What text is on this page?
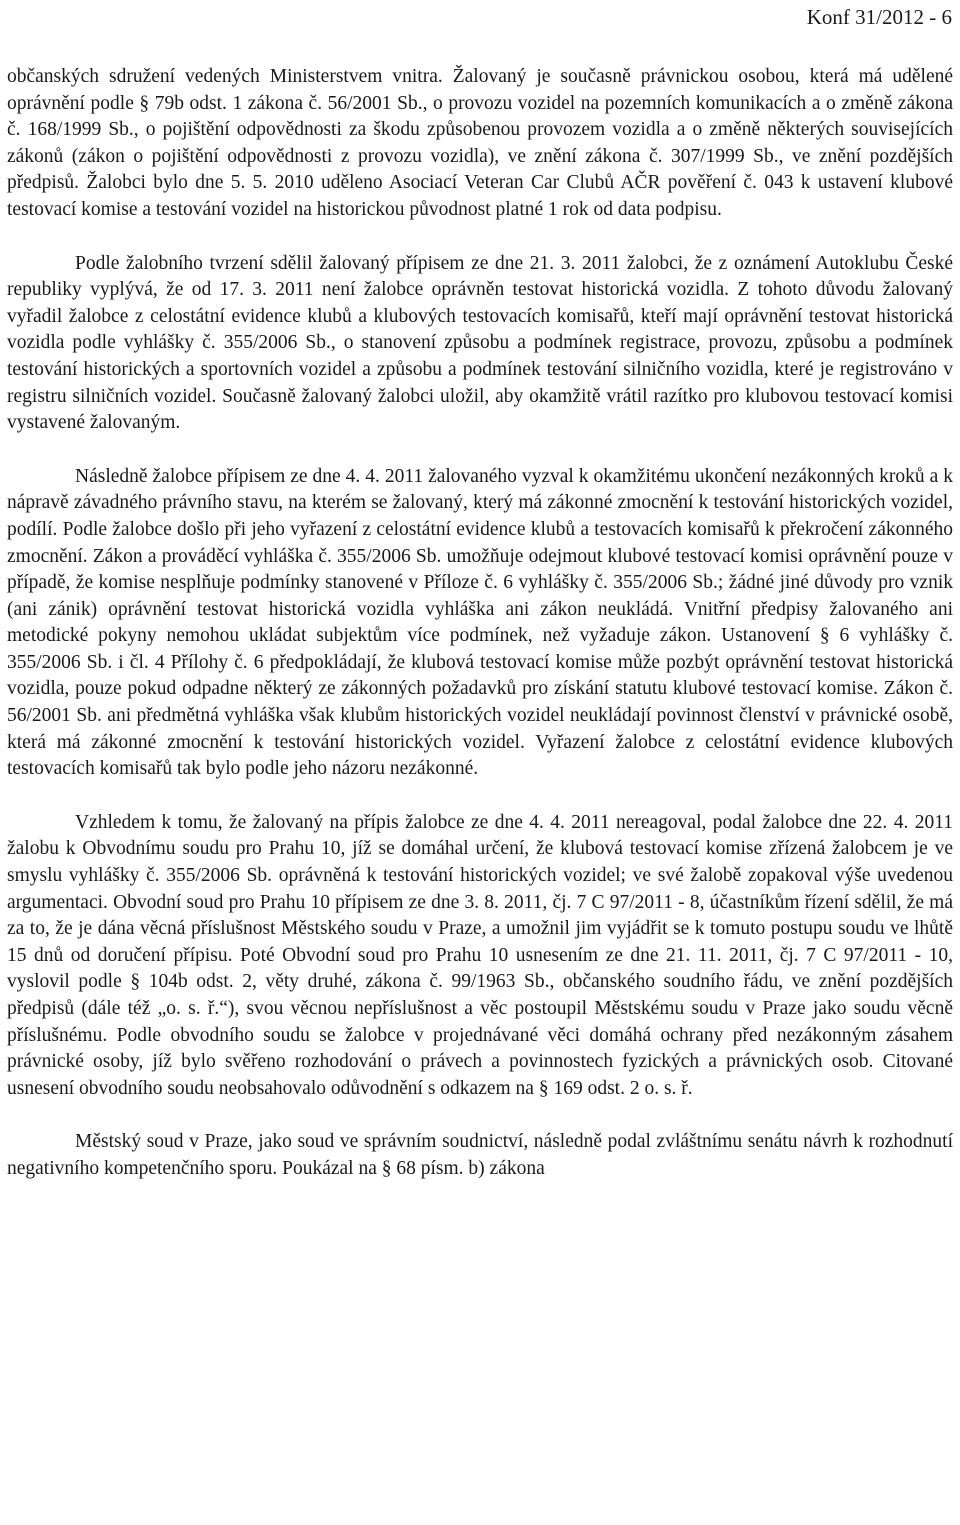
Konf 31/2012 - 6

občanských sdružení vedených Ministerstvem vnitra. Žalovaný je současně právnickou osobou, která má udělené oprávnění podle § 79b odst. 1 zákona č. 56/2001 Sb., o provozu vozidel na pozemních komunikacích a o změně zákona č. 168/1999 Sb., o pojištění odpovědnosti za škodu způsobenou provozem vozidla a o změně některých souvisejících zákonů (zákon o pojištění odpovědnosti z provozu vozidla), ve znění zákona č. 307/1999 Sb., ve znění pozdějších předpisů. Žalobci bylo dne 5. 5. 2010 uděleno Asociací Veteran Car Clubů AČR pověření č. 043 k ustavení klubové testovací komise a testování vozidel na historickou původnost platné 1 rok od data podpisu.

Podle žalobního tvrzení sdělil žalovaný přípisem ze dne 21. 3. 2011 žalobci, že z oznámení Autoklubu České republiky vyplývá, že od 17. 3. 2011 není žalobce oprávněn testovat historická vozidla. Z tohoto důvodu žalovaný vyřadil žalobce z celostátní evidence klubů a klubových testovacích komisařů, kteří mají oprávnění testovat historická vozidla podle vyhlášky č. 355/2006 Sb., o stanovení způsobu a podmínek registrace, provozu, způsobu a podmínek testování historických a sportovních vozidel a způsobu a podmínek testování silničního vozidla, které je registrováno v registru silničních vozidel. Současně žalovaný žalobci uložil, aby okamžitě vrátil razítko pro klubovou testovací komisi vystavené žalovaným.

Následně žalobce přípisem ze dne 4. 4. 2011 žalovaného vyzval k okamžitému ukončení nezákonných kroků a k nápravě závadného právního stavu, na kterém se žalovaný, který má zákonné zmocnění k testování historických vozidel, podílí. Podle žalobce došlo při jeho vyřazení z celostátní evidence klubů a testovacích komisařů k překročení zákonného zmocnění. Zákon a prováděcí vyhláška č. 355/2006 Sb. umožňuje odejmout klubové testovací komisi oprávnění pouze v případě, že komise nesplňuje podmínky stanovené v Příloze č. 6 vyhlášky č. 355/2006 Sb.; žádné jiné důvody pro vznik (ani zánik) oprávnění testovat historická vozidla vyhláška ani zákon neukládá. Vnitřní předpisy žalovaného ani metodické pokyny nemohou ukládat subjektům více podmínek, než vyžaduje zákon. Ustanovení § 6 vyhlášky č. 355/2006 Sb. i čl. 4 Přílohy č. 6 předpokládají, že klubová testovací komise může pozbýt oprávnění testovat historická vozidla, pouze pokud odpadne některý ze zákonných požadavků pro získání statutu klubové testovací komise. Zákon č. 56/2001 Sb. ani předmětná vyhláška však klubům historických vozidel neukládají povinnost členství v právnické osobě, která má zákonné zmocnění k testování historických vozidel. Vyřazení žalobce z celostátní evidence klubových testovacích komisařů tak bylo podle jeho názoru nezákonné.

Vzhledem k tomu, že žalovaný na přípis žalobce ze dne 4. 4. 2011 nereagoval, podal žalobce dne 22. 4. 2011 žalobu k Obvodnímu soudu pro Prahu 10, jíž se domáhal určení, že klubová testovací komise zřízená žalobcem je ve smyslu vyhlášky č. 355/2006 Sb. oprávněná k testování historických vozidel; ve své žalobě zopakoval výše uvedenou argumentaci. Obvodní soud pro Prahu 10 přípisem ze dne 3. 8. 2011, čj. 7 C 97/2011 - 8, účastníkům řízení sdělil, že má za to, že je dána věcná příslušnost Městského soudu v Praze, a umožnil jim vyjádřit se k tomuto postupu soudu ve lhůtě 15 dnů od doručení přípisu. Poté Obvodní soud pro Prahu 10 usnesením ze dne 21. 11. 2011, čj. 7 C 97/2011 - 10, vyslovil podle § 104b odst. 2, věty druhé, zákona č. 99/1963 Sb., občanského soudního řádu, ve znění pozdějších předpisů (dále též „o. s. ř.“), svou věcnou nepříslušnost a věc postoupil Městskému soudu v Praze jako soudu věcně příslušnému. Podle obvodního soudu se žalobce v projednávané věci domáhá ochrany před nezákonným zásahem právnické osoby, jíž bylo svěřeno rozhodování o právech a povinnostech fyzických a právnických osob. Citované usnesení obvodního soudu neobsahovalo odůvodnění s odkazem na § 169 odst. 2 o. s. ř.

Městský soud v Praze, jako soud ve správním soudnictví, následně podal zvláštnímu senátu návrh k rozhodnutí negativního kompetenčního sporu. Poukázal na § 68 písm. b) zákona
